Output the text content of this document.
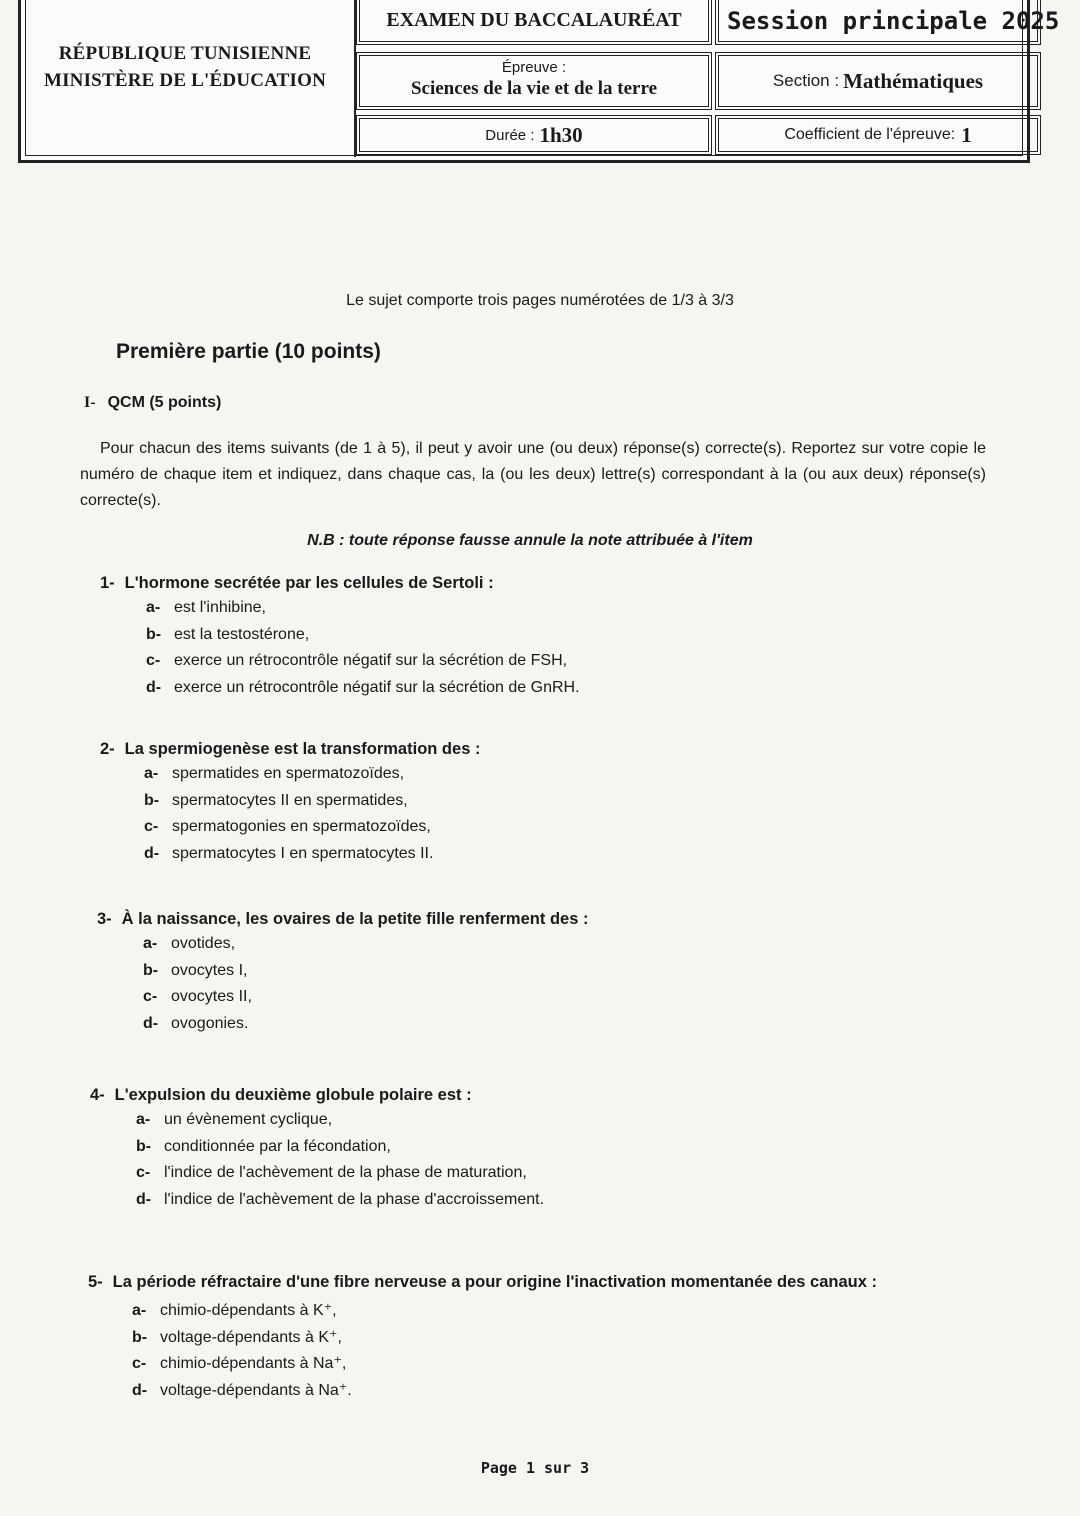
RÉPUBLIQUE TUNISIENNE
MINISTÈRE DE L'ÉDUCATION
EXAMEN DU BACCALAURÉAT Session principale 2025
Épreuve :
Sciences de la vie et de la terre	Section : Mathématiques
Durée : 1h30	Coefficient de l'épreuve: 1
Le sujet comporte trois pages numérotées de 1/3 à 3/3
Première partie (10 points)
I- QCM (5 points)
Pour chacun des items suivants (de 1 à 5), il peut y avoir une (ou deux) réponse(s) correcte(s). Reportez sur votre copie le numéro de chaque item et indiquez, dans chaque cas, la (ou les deux) lettre(s) correspondant à la (ou aux deux) réponse(s) correcte(s).
N.B : toute réponse fausse annule la note attribuée à l'item
1- L'hormone secrétée par les cellules de Sertoli :
a- est l'inhibine,
b- est la testostérone,
c- exerce un rétrocontrôle négatif sur la sécrétion de FSH,
d- exerce un rétrocontrôle négatif sur la sécrétion de GnRH.
2- La spermiogenèse est la transformation des :
a- spermatides en spermatozoïdes,
b- spermatocytes II en spermatides,
c- spermatogonies en spermatozoïdes,
d- spermatocytes I en spermatocytes II.
3- À la naissance, les ovaires de la petite fille renferment des :
a- ovotides,
b- ovocytes I,
c- ovocytes II,
d- ovogonies.
4- L'expulsion du deuxième globule polaire est :
a- un évènement cyclique,
b- conditionnée par la fécondation,
c- l'indice de l'achèvement de la phase de maturation,
d- l'indice de l'achèvement de la phase d'accroissement.
5- La période réfractaire d'une fibre nerveuse a pour origine l'inactivation momentanée des canaux :
a- chimio-dépendants à K⁺,
b- voltage-dépendants à K⁺,
c- chimio-dépendants à Na⁺,
d- voltage-dépendants à Na⁺.
Page 1 sur 3
